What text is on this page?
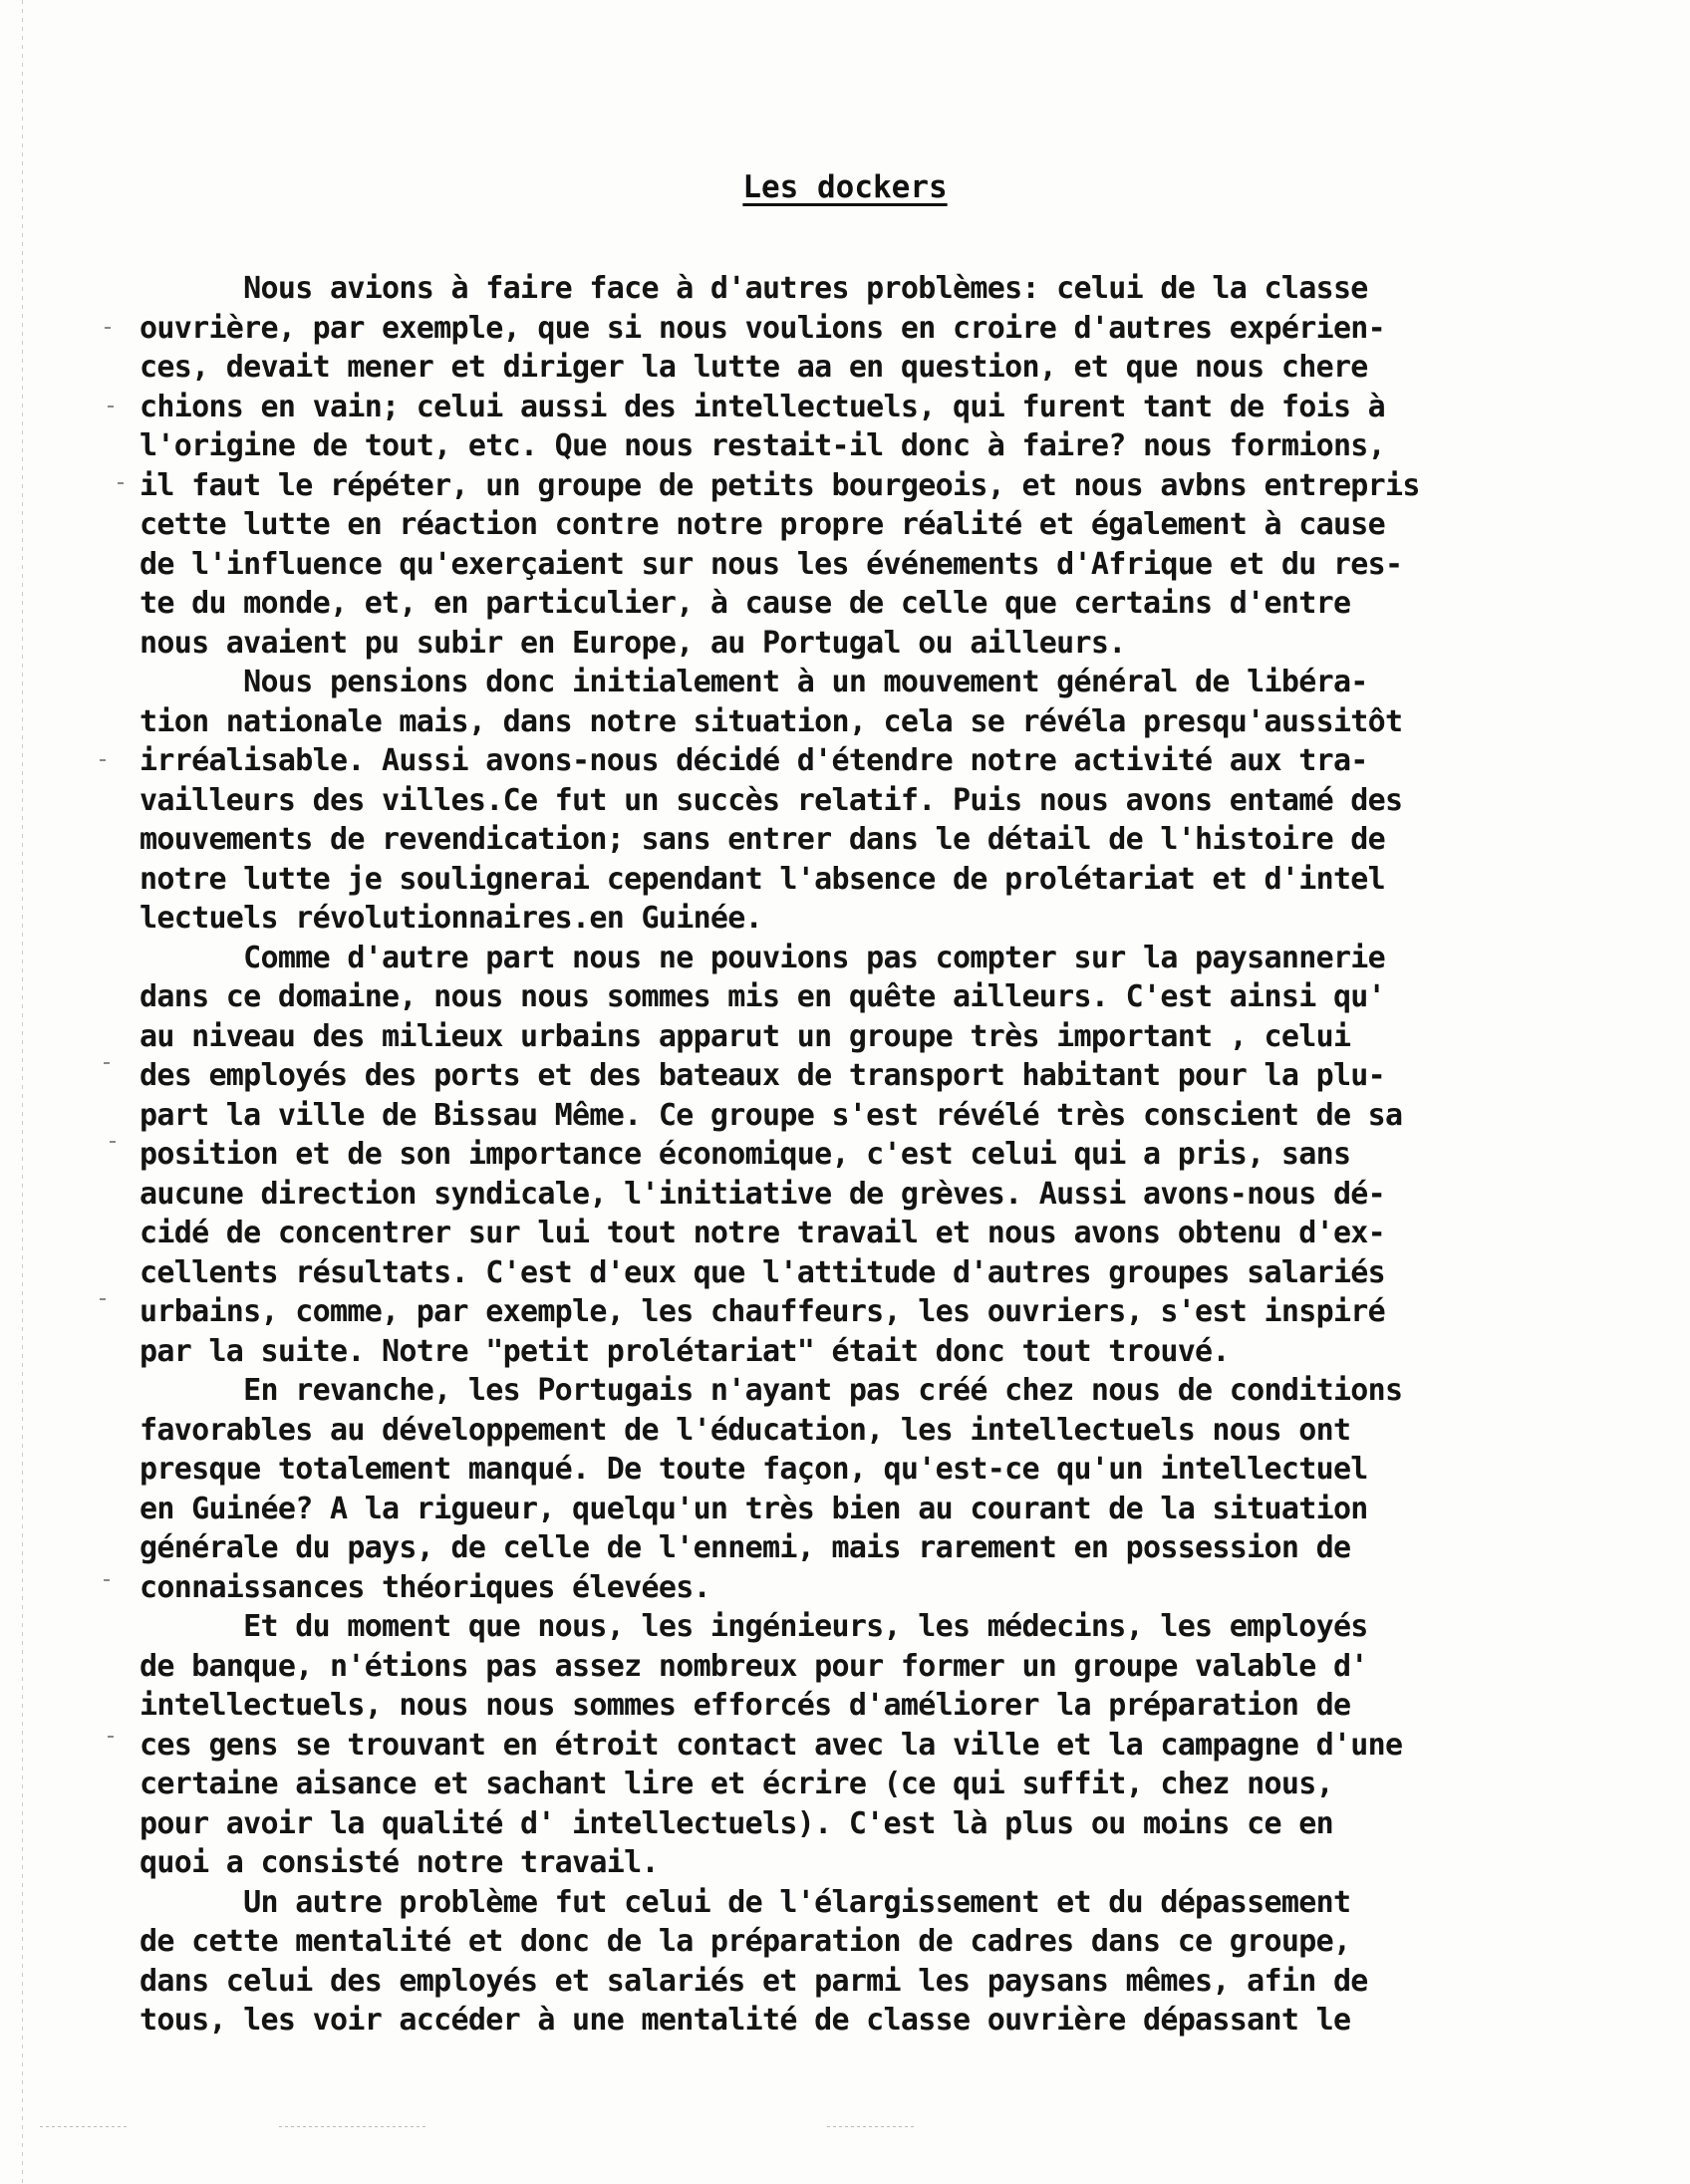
Les dockers
Nous avions à faire face à d'autres problèmes: celui de la classe
ouvrière, par exemple, que si nous voulions en croire d'autres expérien-
ces, devait mener et diriger la lutte aa en question, et que nous chere
chions en vain; celui aussi des intellectuels, qui furent tant de fois à
l'origine de tout, etc. Que nous restait-il donc à faire? nous formions,
il faut le répéter, un groupe de petits bourgeois, et nous avbns entrepris
cette lutte en réaction contre notre propre réalité et également à cause
de l'influence qu'exerçaient sur nous les événements d'Afrique et du res-
te du monde, et, en particulier, à cause de celle que certains d'entre
nous avaient pu subir en Europe, au Portugal ou ailleurs.
Nous pensions donc initialement à un mouvement général de libéra-
tion nationale mais, dans notre situation, cela se révéla presqu'aussitôt
irréalisable. Aussi avons-nous décidé d'étendre notre activité aux tra-
vailleurs des villes.Ce fut un succès relatif. Puis nous avons entamé des
mouvements de revendication; sans entrer dans le détail de l'histoire de
notre lutte je soulignerai cependant l'absence de prolétariat et d'intel
lectuels révolutionnaires.en Guinée.
Comme d'autre part nous ne pouvions pas compter sur la paysannerie
dans ce domaine, nous nous sommes mis en quête ailleurs. C'est ainsi qu'
au niveau des milieux urbains apparut un groupe très important , celui
des employés des ports et des bateaux de transport habitant pour la plu-
part la ville de Bissau Même. Ce groupe s'est révélé très conscient de sa
position et de son importance économique, c'est celui qui a pris, sans
aucune direction syndicale, l'initiative de grèves. Aussi avons-nous dé-
cidé de concentrer sur lui tout notre travail et nous avons obtenu d'ex-
cellents résultats. C'est d'eux que l'attitude d'autres groupes salariés
urbains, comme, par exemple, les chauffeurs, les ouvriers, s'est inspiré
par la suite. Notre "petit prolétariat" était donc tout trouvé.
En revanche, les Portugais n'ayant pas créé chez nous de conditions
favorables au développement de l'éducation, les intellectuels nous ont
presque totalement manqué. De toute façon, qu'est-ce qu'un intellectuel
en Guinée? A la rigueur, quelqu'un très bien au courant de la situation
générale du pays, de celle de l'ennemi, mais rarement en possession de
connaissances théoriques élevées.
Et du moment que nous, les ingénieurs, les médecins, les employés
de banque, n'étions pas assez nombreux pour former un groupe valable d'
intellectuels, nous nous sommes efforcés d'améliorer la préparation de
ces gens se trouvant en étroit contact avec la ville et la campagne d'une
certaine aisance et sachant lire et écrire (ce qui suffit, chez nous,
pour avoir la qualité d' intellectuels). C'est là plus ou moins ce en
quoi a consisté notre travail.
Un autre problème fut celui de l'élargissement et du dépassement
de cette mentalité et donc de la préparation de cadres dans ce groupe,
dans celui des employés et salariés et parmi les paysans mêmes, afin de
tous, les voir accéder à une mentalité de classe ouvrière dépassant le
